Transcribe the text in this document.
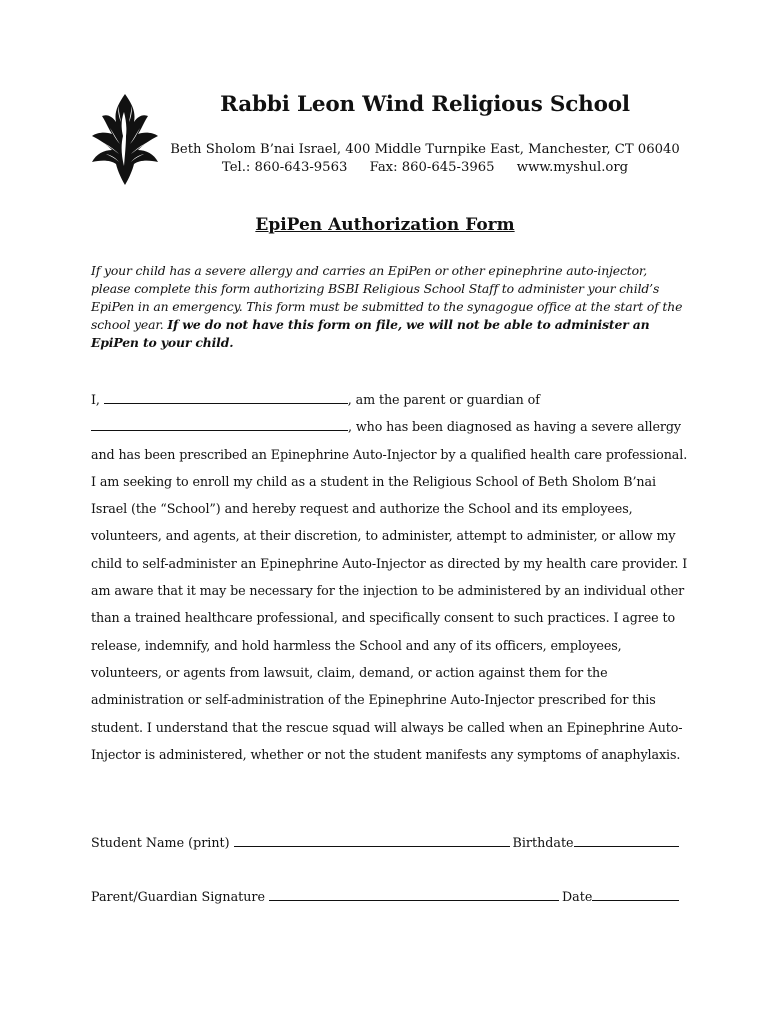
Rabbi Leon Wind Religious School
Beth Sholom B’nai Israel, 400 Middle Turnpike East, Manchester, CT 06040
Tel.: 860-643-9563 Fax: 860-645-3965 www.myshul.org
EpiPen Authorization Form
If your child has a severe allergy and carries an EpiPen or other epinephrine auto-injector, please complete this form authorizing BSBI Religious School Staff to administer your child’s EpiPen in an emergency. This form must be submitted to the synagogue office at the start of the school year. If we do not have this form on file, we will not be able to administer an EpiPen to your child.
I,	, am the parent or guardian of
, who has been diagnosed as having a severe allergy and has been prescribed an Epinephrine Auto-Injector by a qualified health care professional. I am seeking to enroll my child as a student in the Religious School of Beth Sholom B’nai Israel (the “School”) and hereby request and authorize the School and its employees, volunteers, and agents, at their discretion, to administer, attempt to administer, or allow my child to self-administer an Epinephrine Auto-Injector as directed by my health care provider. I am aware that it may be necessary for the injection to be administered by an individual other than a trained healthcare professional, and specifically consent to such practices. I agree to release, indemnify, and hold harmless the School and any of its officers, employees, volunteers, or agents from lawsuit, claim, demand, or action against them for the administration or self-administration of the Epinephrine Auto-Injector prescribed for this student. I understand that the rescue squad will always be called when an Epinephrine Auto-Injector is administered, whether or not the student manifests any symptoms of anaphylaxis.
Student Name (print)	Birthdate
Parent/Guardian Signature	Date
